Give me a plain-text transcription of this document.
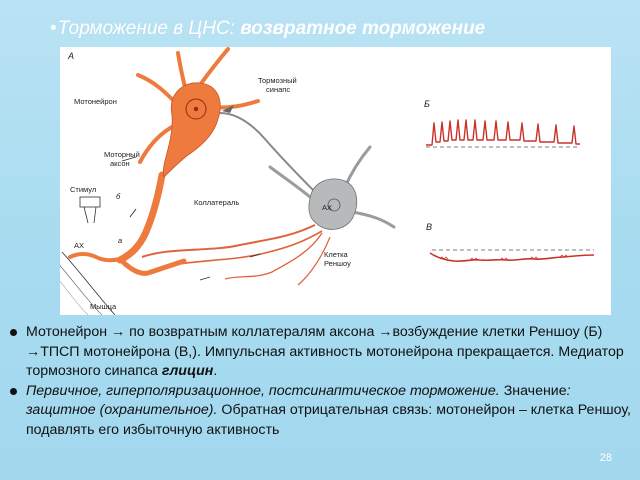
•Торможение в ЦНС: возвратное торможение
А
Мотонейрон
Тормозный
синапс
Моторный
аксон
Стимул
Коллатераль
АХ
АХ
Клетка
Реншоу
Мышца
б
а
Б
В
Мотонейрон → по возвратным коллатералям аксона →возбуждение клетки Реншоу (Б) →ТПСП мотонейрона (В,). Импульсная активность мотонейрона прекращается. Медиатор тормозного синапса глицин.
Первичное, гиперполяризационное, постсинаптическое торможение. Значение: защитное (охранительное). Обратная отрицательная связь: мотонейрон – клетка Реншоу, подавлять его избыточную активность
28
